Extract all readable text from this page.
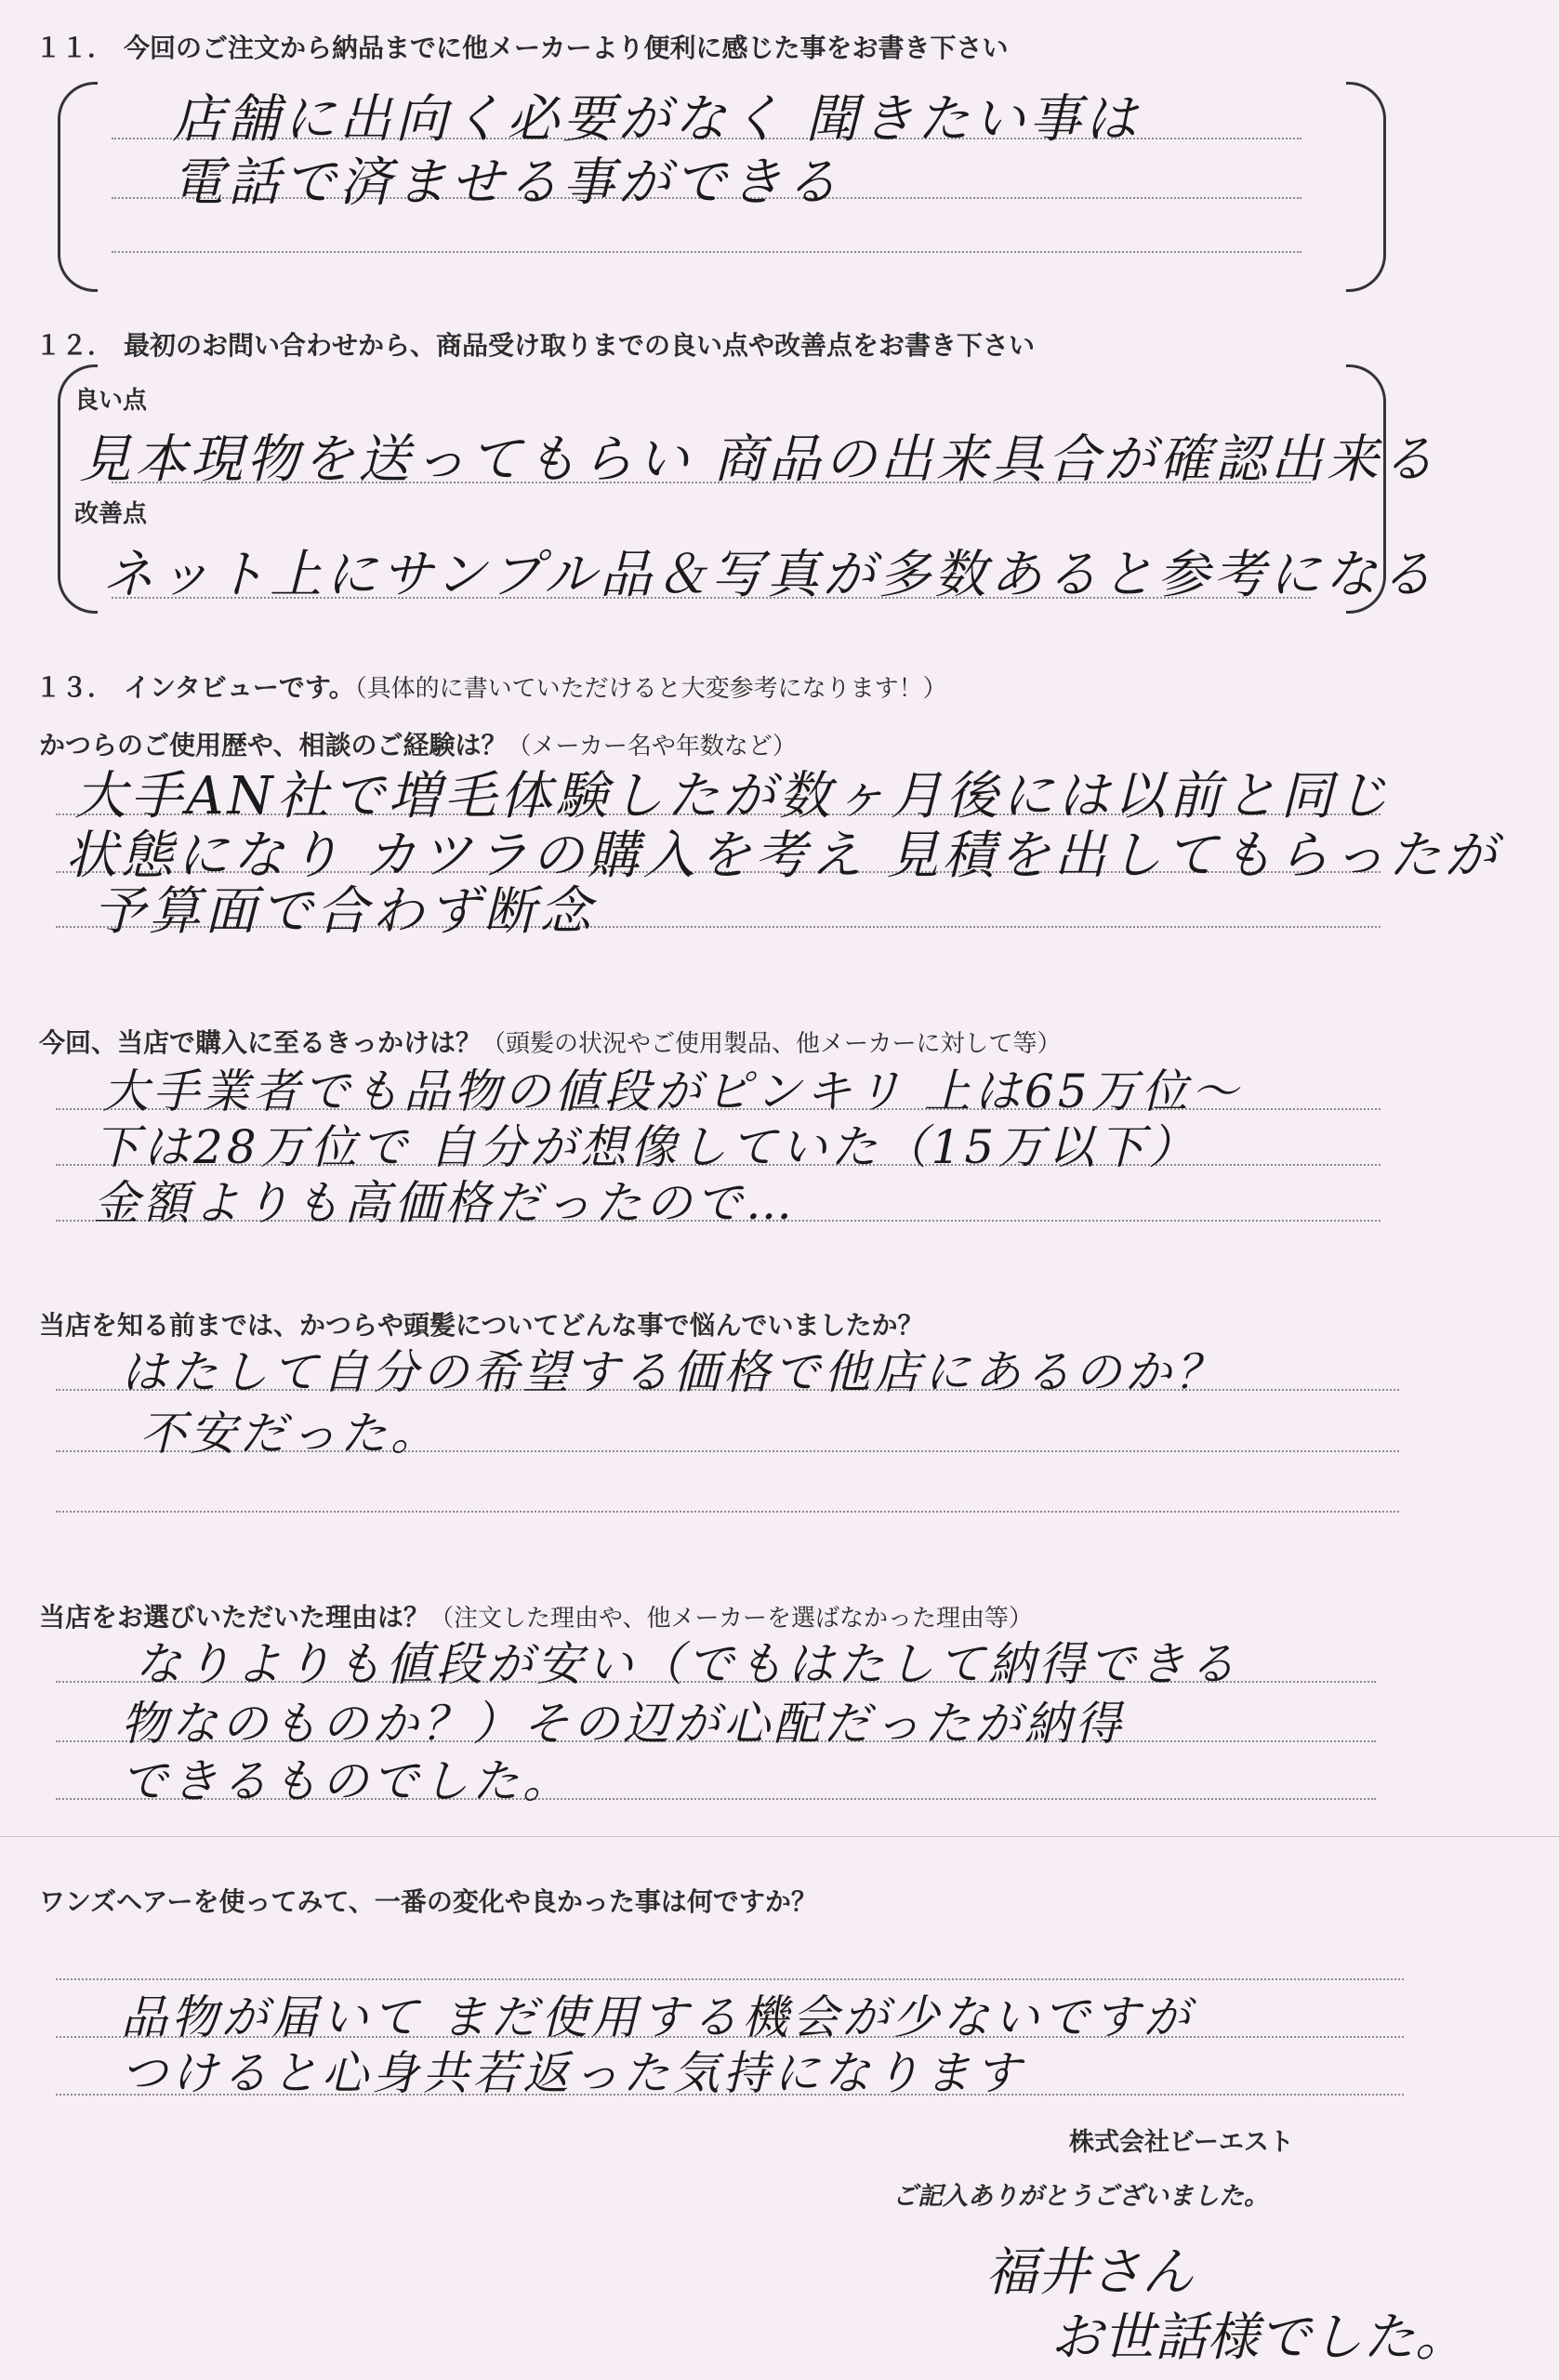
１１． 今回のご注文から納品までに他メーカーより便利に感じた事をお書き下さい
店舗に出向く必要がなく 聞きたい事は
電話で済ませる事ができる
１２． 最初のお問い合わせから、商品受け取りまでの良い点や改善点をお書き下さい
良い点
見本現物を送ってもらい 商品の出来具合が確認出来る
改善点
ネット上にサンプル品＆写真が多数あると参考になる
１３． インタビューです。（具体的に書いていただけると大変参考になります！）
かつらのご使用歴や、相談のご経験は？（メーカー名や年数など）
大手AN社で増毛体験したが数ヶ月後には以前と同じ
状態になり カツラの購入を考え 見積を出してもらったが
予算面で合わず断念
今回、当店で購入に至るきっかけは？（頭髪の状況やご使用製品、他メーカーに対して等）
大手業者でも品物の値段がピンキリ 上は65万位〜
下は28万位で 自分が想像していた（15万以下）
金額よりも高価格だったので…
当店を知る前までは、かつらや頭髪についてどんな事で悩んでいましたか？
はたして自分の希望する価格で他店にあるのか？
不安だった。
当店をお選びいただいた理由は？（注文した理由や、他メーカーを選ばなかった理由等）
なりよりも値段が安い（でもはたして納得できる
物なのものか？）その辺が心配だったが納得
できるものでした。
ワンズヘアーを使ってみて、一番の変化や良かった事は何ですか？
品物が届いて まだ使用する機会が少ないですが
つけると心身共若返った気持になります
株式会社ビーエスト
ご記入ありがとうございました。
福井さん
お世話様でした。
